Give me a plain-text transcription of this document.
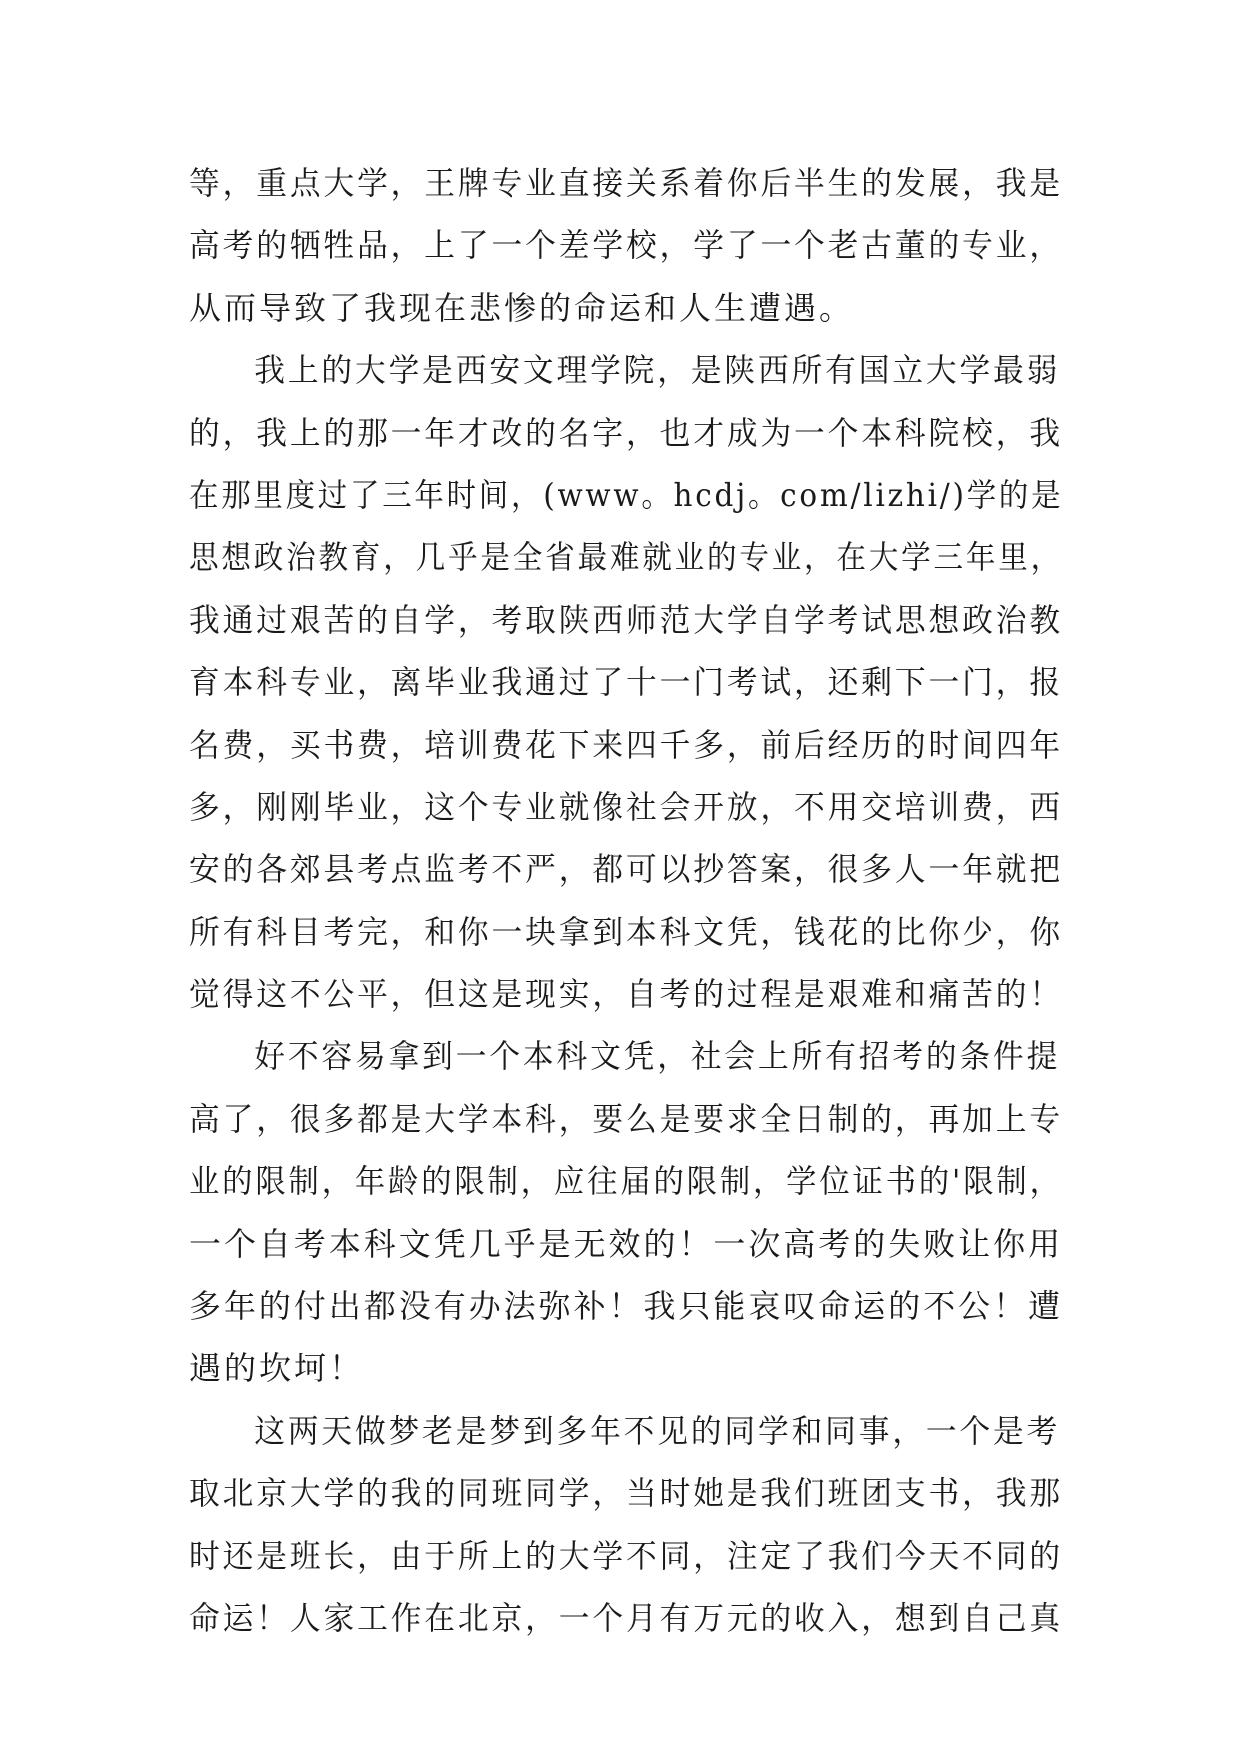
等，重点大学，王牌专业直接关系着你后半生的发展，我是
高考的牺牲品，上了一个差学校，学了一个老古董的专业，
从而导致了我现在悲惨的命运和人生遭遇。
我上的大学是西安文理学院，是陕西所有国立大学最弱
的，我上的那一年才改的名字，也才成为一个本科院校，我
在那里度过了三年时间，(www。hcdj。com/lizhi/)学的是
思想政治教育，几乎是全省最难就业的专业，在大学三年里，
我通过艰苦的自学，考取陕西师范大学自学考试思想政治教
育本科专业，离毕业我通过了十一门考试，还剩下一门，报
名费，买书费，培训费花下来四千多，前后经历的时间四年
多，刚刚毕业，这个专业就像社会开放，不用交培训费，西
安的各郊县考点监考不严，都可以抄答案，很多人一年就把
所有科目考完，和你一块拿到本科文凭，钱花的比你少，你
觉得这不公平，但这是现实，自考的过程是艰难和痛苦的！
好不容易拿到一个本科文凭，社会上所有招考的条件提
高了，很多都是大学本科，要么是要求全日制的，再加上专
业的限制，年龄的限制，应往届的限制，学位证书的'限制，
一个自考本科文凭几乎是无效的！一次高考的失败让你用
多年的付出都没有办法弥补！我只能哀叹命运的不公！遭
遇的坎坷！
这两天做梦老是梦到多年不见的同学和同事，一个是考
取北京大学的我的同班同学，当时她是我们班团支书，我那
时还是班长，由于所上的大学不同，注定了我们今天不同的
命运！人家工作在北京，一个月有万元的收入，想到自己真
